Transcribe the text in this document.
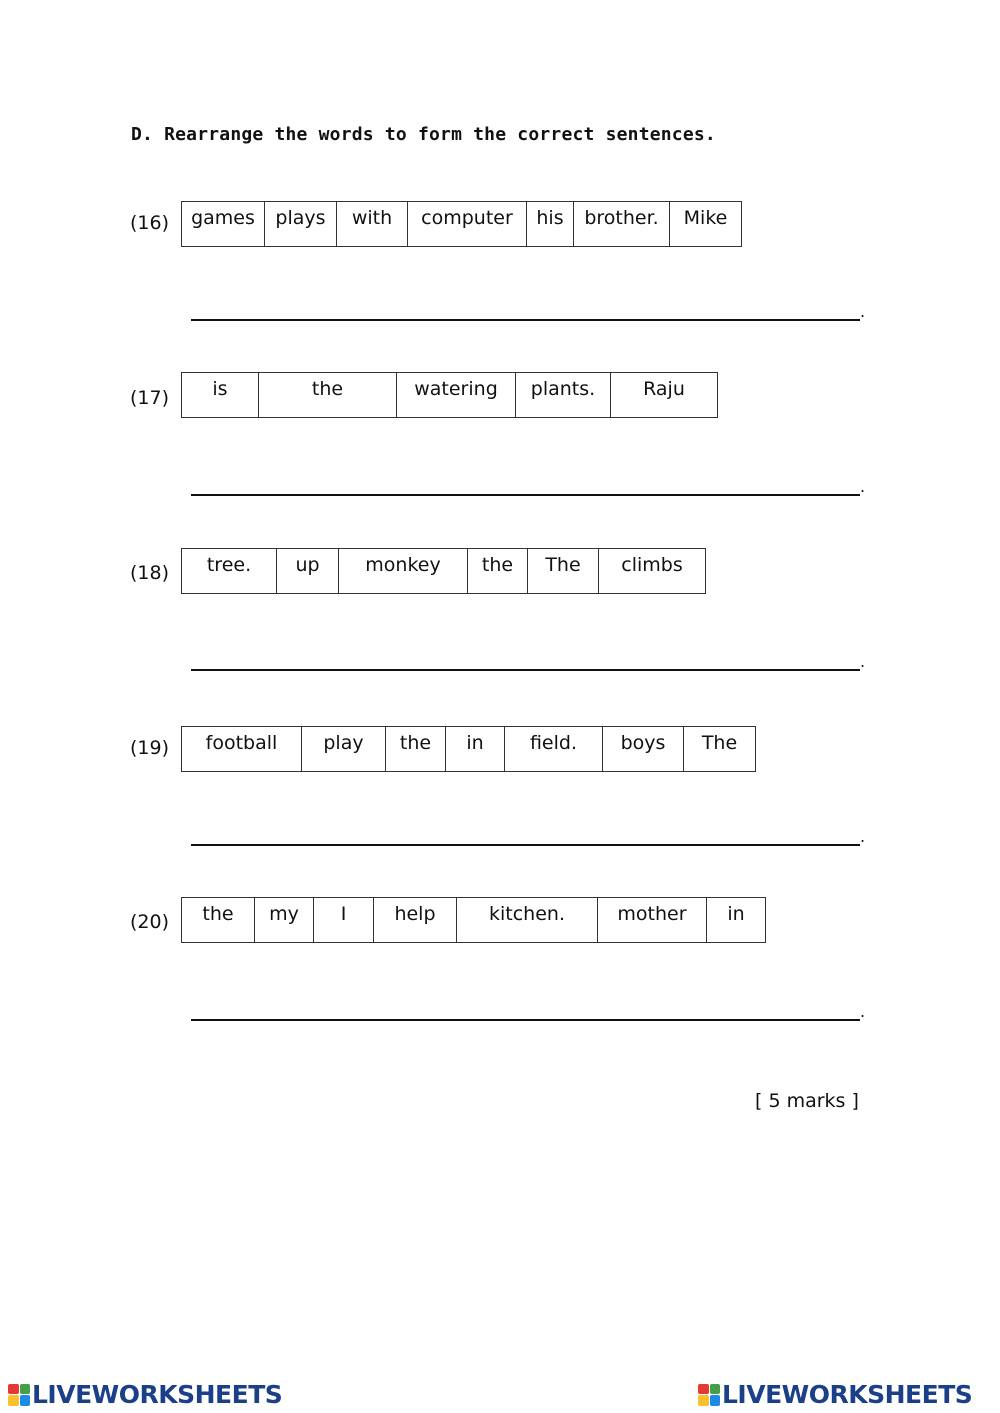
D. Rearrange the words to form the correct sentences.
(16)	games	plays	with	computer	his	brother.	Mike
.
(17)	is	the	watering	plants.	Raju
.
(18)	tree.	up	monkey	the	The	climbs
.
(19)	football	play	the	in	field.	boys	The
.
(20)	the	my	I	help	kitchen.	mother	in
.
[ 5 marks ]
LIVEWORKSHEETS	LIVEWORKSHEETS
